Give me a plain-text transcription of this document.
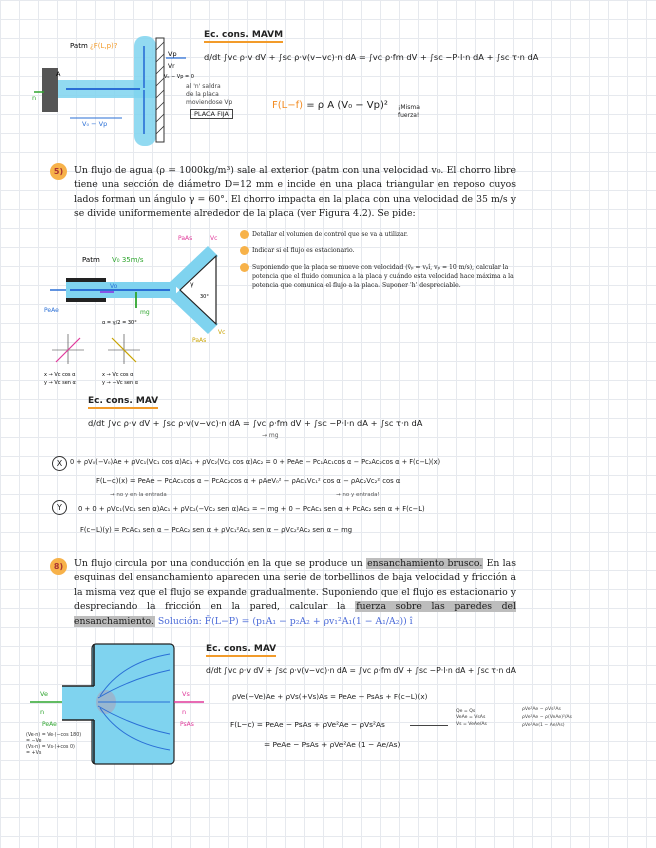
Patm ¿F(L,p)?
Vp
Vr
V₀ − Vp = 0
A
n
V₀ − Vp
al 'n' saldra
de la placa
moviendose Vp
PLACA FIJA
Ec. cons. MAVM
d/dt ∫vc ρ·v dV + ∫sc ρ·v(v−vc)·n dA = ∫vc ρ·fm dV + ∫sc −P·I·n dA + ∫sc τ·n dA
F(L−f) = ρ A (V₀ − Vp)² ¡Misma fuerza!
5)	Un flujo de agua (ρ = 1000kg/m³) sale al exterior (patm con una velocidad v₀. El chorro libre tiene una sección de diámetro D=12 mm e incide en una placa triangular en reposo cuyos lados forman un ángulo γ = 60°. El chorro impacta en la placa con una velocidad de 35 m/s y se divide uniformemente alrededor de la placa (ver Figura 4.2). Se pide:
Patm V₀ 35m/s
PaAs	Vc
PaAs
Vc
Vo
PeAe	mg
γ
30°
α = γ/2 = 30°
x → Vc cos α
y → Vc sen α
x → Vc cos α
y → −Vc sen α
Detallar el volumen de control que se va a utilizar.
Indicar si el flujo es estacionario.
Suponiendo que la placa se mueve con velocidad (v̄ₚ = vₚî, vₚ = 10 m/s), calcular la potencia que el fluido comunica a la placa y cuándo esta velocidad hace máxima a la potencia que comunica el flujo a la placa. Suponer 'h' despreciable.
Ec. cons. MAV
d/dt ∫vc ρ·v dV + ∫sc ρ·v(v−vc)·n dA = ∫vc ρ·fm dV + ∫sc −P·I·n dA + ∫sc τ·n dA
→ mg
X	0 + ρV₀(−V₀)Ae + ρVc₁(Vc₁ cos α)Ac₁ + ρVc₂(Vc₂ cos α)Ac₂ = 0 + PeAe − Pc₁Ac₁cos α − Pc₂Ac₂cos α + F(c−L)(x)
F(L−c)(x) = PeAe − PcAc₁cos α − PcAc₂cos α + ρAeV₀² − ρAc₁Vc₁² cos α − ρAc₂Vc₂² cos α
→ no y en la entrada	→ no y entrada!
Y	0 + 0 + ρVc₁(Vc₁ sen α)Ac₁ + ρVc₂(−Vc₂ sen α)Ac₂ = − mg + 0 − PcAc₁ sen α + PcAc₂ sen α + F(c−L)
F(c−L)(y) = PcAc₁ sen α − PcAc₂ sen α + ρVc₁²Ac₁ sen α − ρVc₂²Ac₂ sen α − mg
8)	Un flujo circula por una conducción en la que se produce un ensanchamiento brusco. En las esquinas del ensanchamiento aparecen una serie de torbellinos de baja velocidad y fricción a la misma vez que el flujo se expande gradualmente. Suponiendo que el flujo es estacionario y despreciando la fricción en la pared, calcular la fuerza sobre las paredes del ensanchamiento. Solución: F̄(L−P) = (p₁A₁ − p₂A₂ + ρv₁²A₁(1 − A₁/A₂)) î
Ve
n
PeAe
Vs
n
PsAs
(Ve·n) = Ve·(−cos 180)
= −Ve
(Vs·n) = Vs·(+cos 0)
= +Vs
Ec. cons. MAV
d/dt ∫vc ρ·v dV + ∫sc ρ·v(v−vc)·n dA = ∫vc ρ·fm dV + ∫sc −P·I·n dA + ∫sc τ·n dA
ρVe(−Ve)Ae + ρVs(+Vs)As = PeAe − PsAs + F(c−L)(x)
F(L−c) = PeAe − PsAs + ρVe²Ae − ρVs²As
= PeAe − PsAs + ρVe²Ae (1 − Ae/As)
Qe = Qs
VeAe = VsAs
Vs = VeAe/As
ρVe²Ae − ρVs²As
ρVe²Ae − ρ(VeAe)²/As
ρVe²Ae(1 − Ae/As)
